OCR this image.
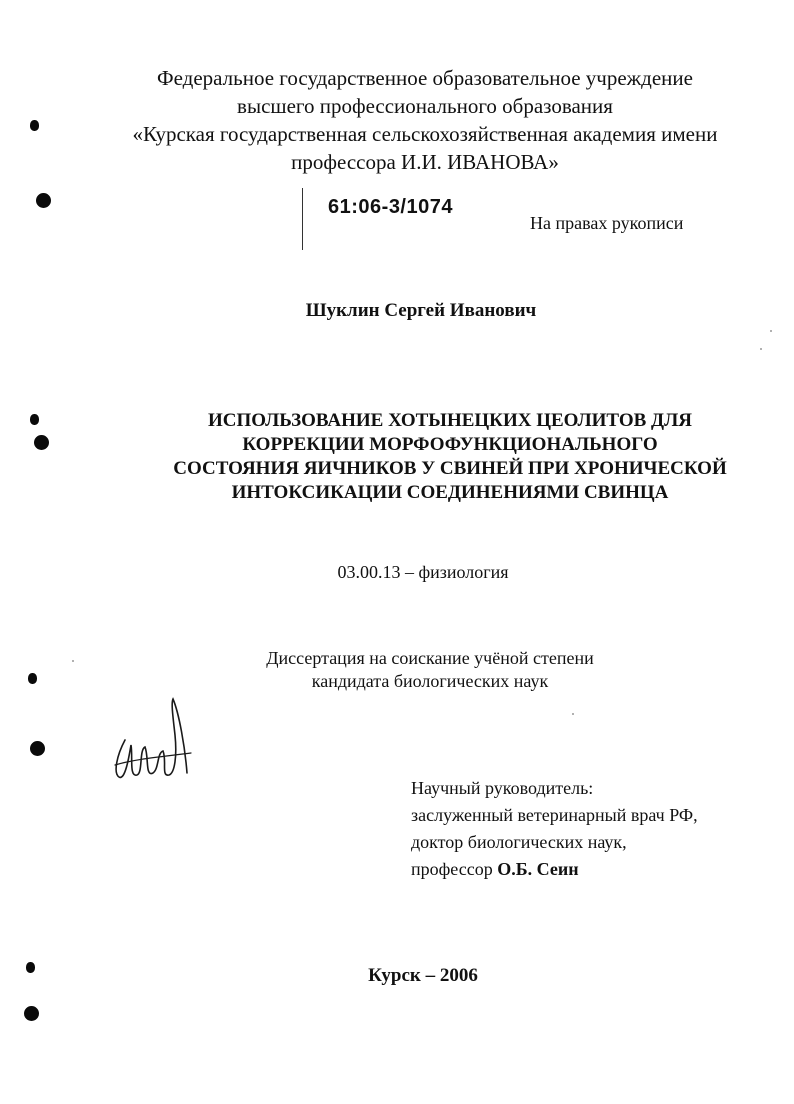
Федеральное государственное образовательное учреждение
высшего профессионального образования
«Курская государственная сельскохозяйственная академия имени
профессора И.И. ИВАНОВА»
61:06-3/1074
На правах рукописи
Шуклин Сергей Иванович
ИСПОЛЬЗОВАНИЕ ХОТЫНЕЦКИХ ЦЕОЛИТОВ ДЛЯ
КОРРЕКЦИИ МОРФОФУНКЦИОНАЛЬНОГО
СОСТОЯНИЯ ЯИЧНИКОВ У СВИНЕЙ ПРИ ХРОНИЧЕСКОЙ
ИНТОКСИКАЦИИ СОЕДИНЕНИЯМИ СВИНЦА
03.00.13 – физиология
Диссертация на соискание учёной степени
кандидата биологических наук
Научный руководитель:
заслуженный ветеринарный врач РФ,
доктор биологических наук,
профессор О.Б. Сеин
Курск – 2006
